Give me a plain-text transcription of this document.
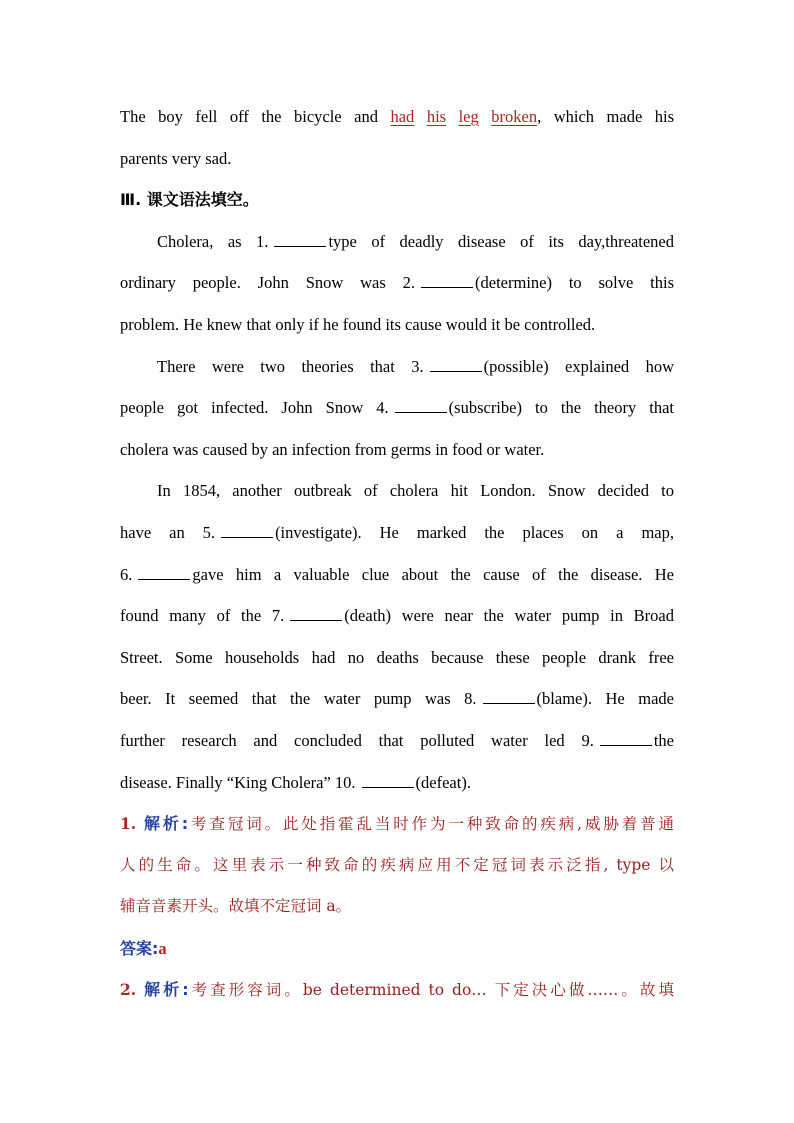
The boy fell off the bicycle and had his leg broken, which made his
parents very sad.
Ⅲ. 课文语法填空。
Cholera, as 1.	type of deadly disease of its day,threatened
ordinary people. John Snow was 2.	(determine) to solve this
problem. He knew that only if he found its cause would it be controlled.
There were two theories that 3.	(possible) explained how
people got infected. John Snow 4.	(subscribe) to the theory that
cholera was caused by an infection from germs in food or water.
In 1854, another outbreak of cholera hit London. Snow decided to
have an 5.	(investigate). He marked the places on a map,
6.	gave him a valuable clue about the cause of the disease. He
found many of the 7.	(death) were near the water pump in Broad
Street. Some households had no deaths because these people drank free
beer. It seemed that the water pump was 8.	(blame). He made
further research and concluded that polluted water led 9.	the
disease. Finally “King Cholera” 10.	(defeat).
1. 解析:考查冠词。此处指霍乱当时作为一种致命的疾病,威胁着普通
人的生命。这里表示一种致命的疾病应用不定冠词表示泛指, type 以
辅音音素开头。故填不定冠词 a。
答案:a
2. 解析:考查形容词。be determined to do… 下定决心做……。故填
